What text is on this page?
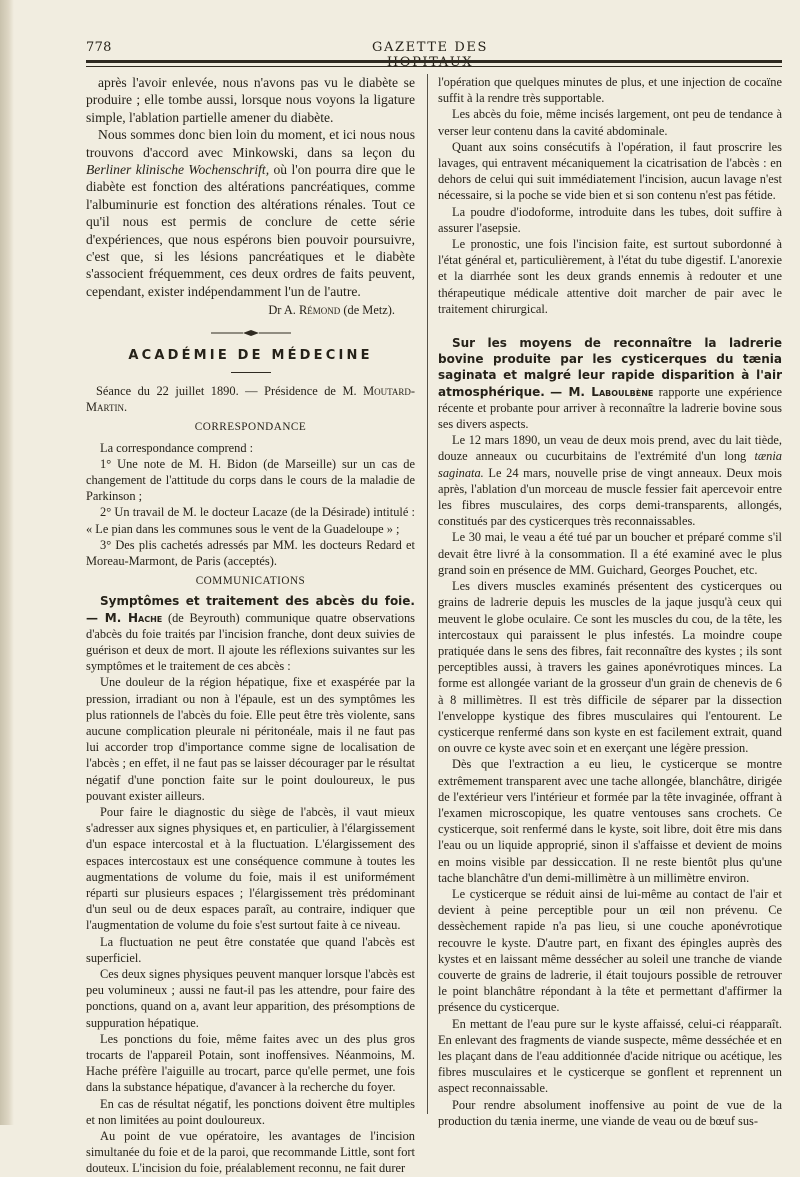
778	GAZETTE DES

après l'avoir enlevée, nous n'avons pas vu le diabète se produire ; elle tombe aussi, lorsque nous voyons la ligature simple, l'ablation partielle amener du diabète.

Nous sommes donc bien loin du moment, et ici nous nous trouvons d'accord avec Minkowski, dans sa leçon du Berliner klinische Wochenschrift, où l'on pourra dire que le diabète est fonction des altérations pancréatiques, comme l'albuminurie est fonction des altérations rénales. Tout ce qu'il nous est permis de conclure de cette série d'expériences, que nous espérons bien pouvoir poursuivre, c'est que, si les lésions pancréatiques et le diabète s'associent fréquemment, ces deux ordres de faits peuvent, cependant, exister indépendamment l'un de l'autre.

Dr A. Rémond (de Metz).
ACADÉMIE DE MÉDECINE

Séance du 22 juillet 1890. — Présidence de M. Moutard-Martin.

CORRESPONDANCE

La correspondance comprend :

1° Une note de M. H. Bidon (de Marseille) sur un cas de changement de l'attitude du corps dans le cours de la maladie de Parkinson ;

2° Un travail de M. le docteur Lacaze (de la Désirade) intitulé : « Le pian dans les communes sous le vent de la Guadeloupe » ;

3° Des plis cachetés adressés par MM. les docteurs Redard et Moreau-Marmont, de Paris (acceptés).

COMMUNICATIONS

Symptômes et traitement des abcès du foie. — M. Hache (de Beyrouth) communique quatre observations d'abcès du foie traités par l'incision franche, dont deux suivies de guérison et deux de mort. Il ajoute les réflexions suivantes sur les symptômes et le traitement de ces abcès :

Une douleur de la région hépatique, fixe et exaspérée par la pression, irradiant ou non à l'épaule, est un des symptômes les plus rationnels de l'abcès du foie. Elle peut être très violente, sans aucune complication pleurale ni péritonéale, mais il ne faut pas lui accorder trop d'importance comme signe de localisation de l'abcès ; en effet, il ne faut pas se laisser décourager par le résultat négatif d'une ponction faite sur le point douloureux, le pus pouvant exister ailleurs.

Pour faire le diagnostic du siège de l'abcès, il vaut mieux s'adresser aux signes physiques et, en particulier, à l'élargissement d'un espace intercostal et à la fluctuation. L'élargissement des espaces intercostaux est une conséquence commune à toutes les augmentations de volume du foie, mais il est uniformément réparti sur plusieurs espaces ; l'élargissement très prédominant d'un seul ou de deux espaces paraît, au contraire, indiquer que l'augmentation de volume du foie s'est surtout faite à ce niveau.

La fluctuation ne peut être constatée que quand l'abcès est superficiel.

Ces deux signes physiques peuvent manquer lorsque l'abcès est peu volumineux ; aussi ne faut-il pas les attendre, pour faire des ponctions, quand on a, avant leur apparition, des présomptions de suppuration hépatique.

Les ponctions du foie, même faites avec un des plus gros trocarts de l'appareil Potain, sont inoffensives. Néanmoins, M. Hache préfère l'aiguille au trocart, parce qu'elle permet, une fois dans la substance hépatique, d'avancer à la recherche du foyer.

En cas de résultat négatif, les ponctions doivent être multiples et non limitées au point douloureux.

Au point de vue opératoire, les avantages de l'incision simultanée du foie et de la paroi, que recommande Little, sont fort douteux. L'incision du foie, préalablement reconnu, ne fait durer

l'opération que quelques minutes de plus, et une injection de cocaïne suffit à la rendre très supportable.

Les abcès du foie, même incisés largement, ont peu de tendance à verser leur contenu dans la cavité abdominale.

Quant aux soins consécutifs à l'opération, il faut proscrire les lavages, qui entravent mécaniquement la cicatrisation de l'abcès : en dehors de celui qui suit immédiatement l'incision, aucun lavage n'est nécessaire, si la poche se vide bien et si son contenu n'est pas fétide.

La poudre d'iodoforme, introduite dans les tubes, doit suffire à assurer l'asepsie.

Le pronostic, une fois l'incision faite, est surtout subordonné à l'état général et, particulièrement, à l'état du tube digestif. L'anorexie et la diarrhée sont les deux grands ennemis à redouter et une thérapeutique médicale attentive doit marcher de pair avec le traitement chirurgical.

Sur les moyens de reconnaître la ladrerie bovine produite par les cysticerques du tænia saginata et malgré leur rapide disparition à l'air atmosphérique. — M. Laboulbène rapporte une expérience récente et probante pour arriver à reconnaître la ladrerie bovine sous ses divers aspects.

Le 12 mars 1890, un veau de deux mois prend, avec du lait tiède, douze anneaux ou cucurbitains de l'extrémité d'un long tænia saginata. Le 24 mars, nouvelle prise de vingt anneaux. Deux mois après, l'ablation d'un morceau de muscle fessier fait apercevoir entre les fibres musculaires, des corps demi-transparents, allongés, constitués par des cysticerques très reconnaissables.

Le 30 mai, le veau a été tué par un boucher et préparé comme s'il devait être livré à la consommation. Il a été examiné avec le plus grand soin en présence de MM. Guichard, Georges Pouchet, etc.

Les divers muscles examinés présentent des cysticerques ou grains de ladrerie depuis les muscles de la jaque jusqu'à ceux qui meuvent le globe oculaire. Ce sont les muscles du cou, de la tête, les intercostaux qui paraissent le plus infestés. La moindre coupe pratiquée dans le sens des fibres, fait reconnaître des kystes ; ils sont perceptibles aussi, à travers les gaines aponévrotiques minces. La forme est allongée variant de la grosseur d'un grain de chenevis de 6 à 8 millimètres. Il est très difficile de séparer par la dissection l'enveloppe kystique des fibres musculaires qui l'entourent. Le cysticerque renfermé dans son kyste en est facilement extrait, quand on ouvre ce kyste avec soin et en exerçant une légère pression.

Dès que l'extraction a eu lieu, le cysticerque se montre extrêmement transparent avec une tache allongée, blanchâtre, dirigée de l'extérieur vers l'intérieur et formée par la tête invaginée, offrant à l'examen microscopique, les quatre ventouses sans crochets. Ce cysticerque, soit renfermé dans le kyste, soit libre, doit être mis dans l'eau ou un liquide approprié, sinon il s'affaisse et devient de moins en moins visible par dessiccation. Il ne reste bientôt plus qu'une tache blanchâtre d'un demi-millimètre à un millimètre environ.

Le cysticerque se réduit ainsi de lui-même au contact de l'air et devient à peine perceptible pour un œil non prévenu. Ce dessèchement rapide n'a pas lieu, si une couche aponévrotique recouvre le kyste. D'autre part, en fixant des épingles auprès des kystes et en laissant même dessécher au soleil une tranche de viande couverte de grains de ladrerie, il était toujours possible de retrouver le point blanchâtre répondant à la tête et permettant d'affirmer la présence du cysticerque.

En mettant de l'eau pure sur le kyste affaissé, celui-ci réapparaît. En enlevant des fragments de viande suspecte, même desséchée et en les plaçant dans de l'eau additionnée d'acide nitrique ou acétique, les fibres musculaires et le cysticerque se gonflent et reprennent un aspect reconnaissable.

Pour rendre absolument inoffensive au point de vue de la production du tænia inerme, une viande de veau ou de bœuf sus-
